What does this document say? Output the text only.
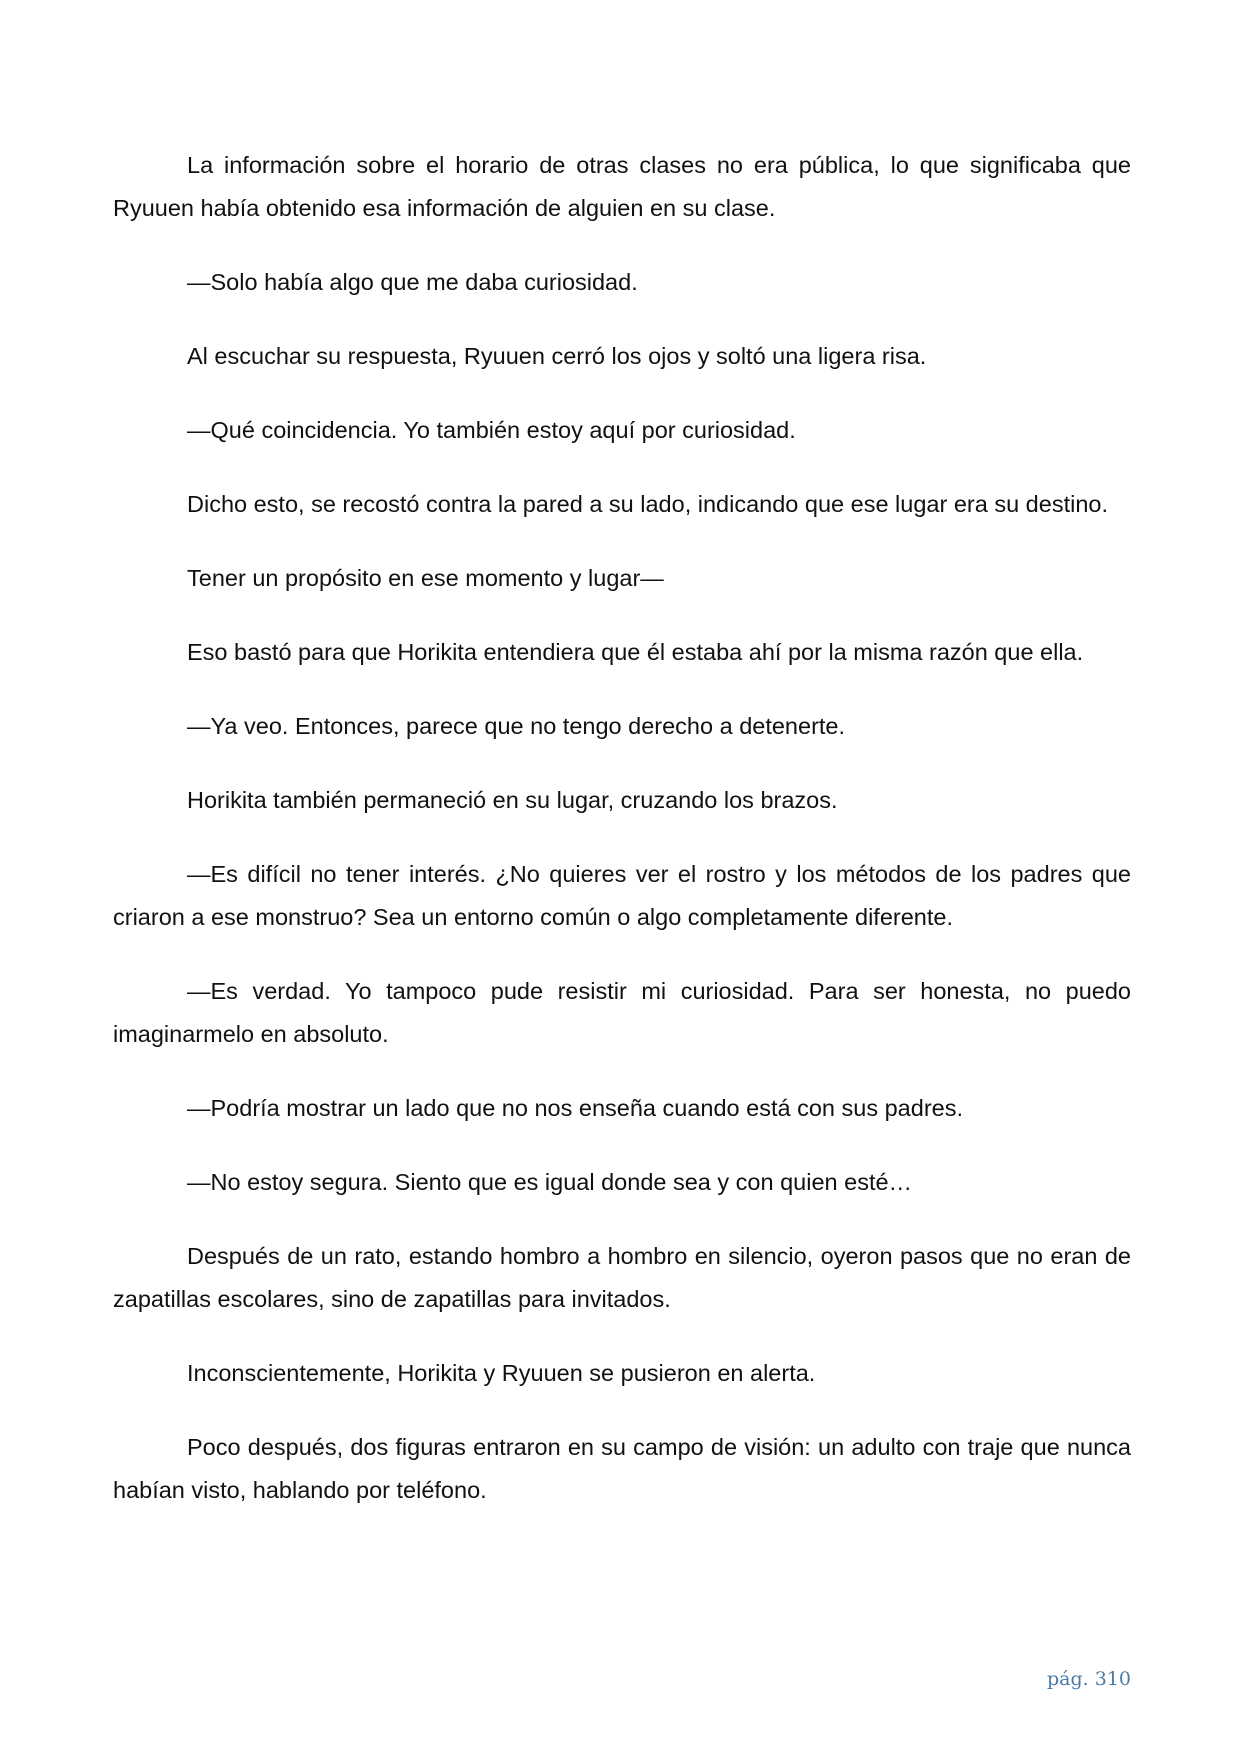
La información sobre el horario de otras clases no era pública, lo que significaba que Ryuuen había obtenido esa información de alguien en su clase.

—Solo había algo que me daba curiosidad.

Al escuchar su respuesta, Ryuuen cerró los ojos y soltó una ligera risa.

—Qué coincidencia. Yo también estoy aquí por curiosidad.

Dicho esto, se recostó contra la pared a su lado, indicando que ese lugar era su destino.

Tener un propósito en ese momento y lugar—

Eso bastó para que Horikita entendiera que él estaba ahí por la misma razón que ella.

—Ya veo. Entonces, parece que no tengo derecho a detenerte.

Horikita también permaneció en su lugar, cruzando los brazos.

—Es difícil no tener interés. ¿No quieres ver el rostro y los métodos de los padres que criaron a ese monstruo? Sea un entorno común o algo completamente diferente.

—Es verdad. Yo tampoco pude resistir mi curiosidad. Para ser honesta, no puedo imaginarmelo en absoluto.

—Podría mostrar un lado que no nos enseña cuando está con sus padres.

—No estoy segura. Siento que es igual donde sea y con quien esté…

Después de un rato, estando hombro a hombro en silencio, oyeron pasos que no eran de zapatillas escolares, sino de zapatillas para invitados.

Inconscientemente, Horikita y Ryuuen se pusieron en alerta.

Poco después, dos figuras entraron en su campo de visión: un adulto con traje que nunca habían visto, hablando por teléfono.

pág. 310
